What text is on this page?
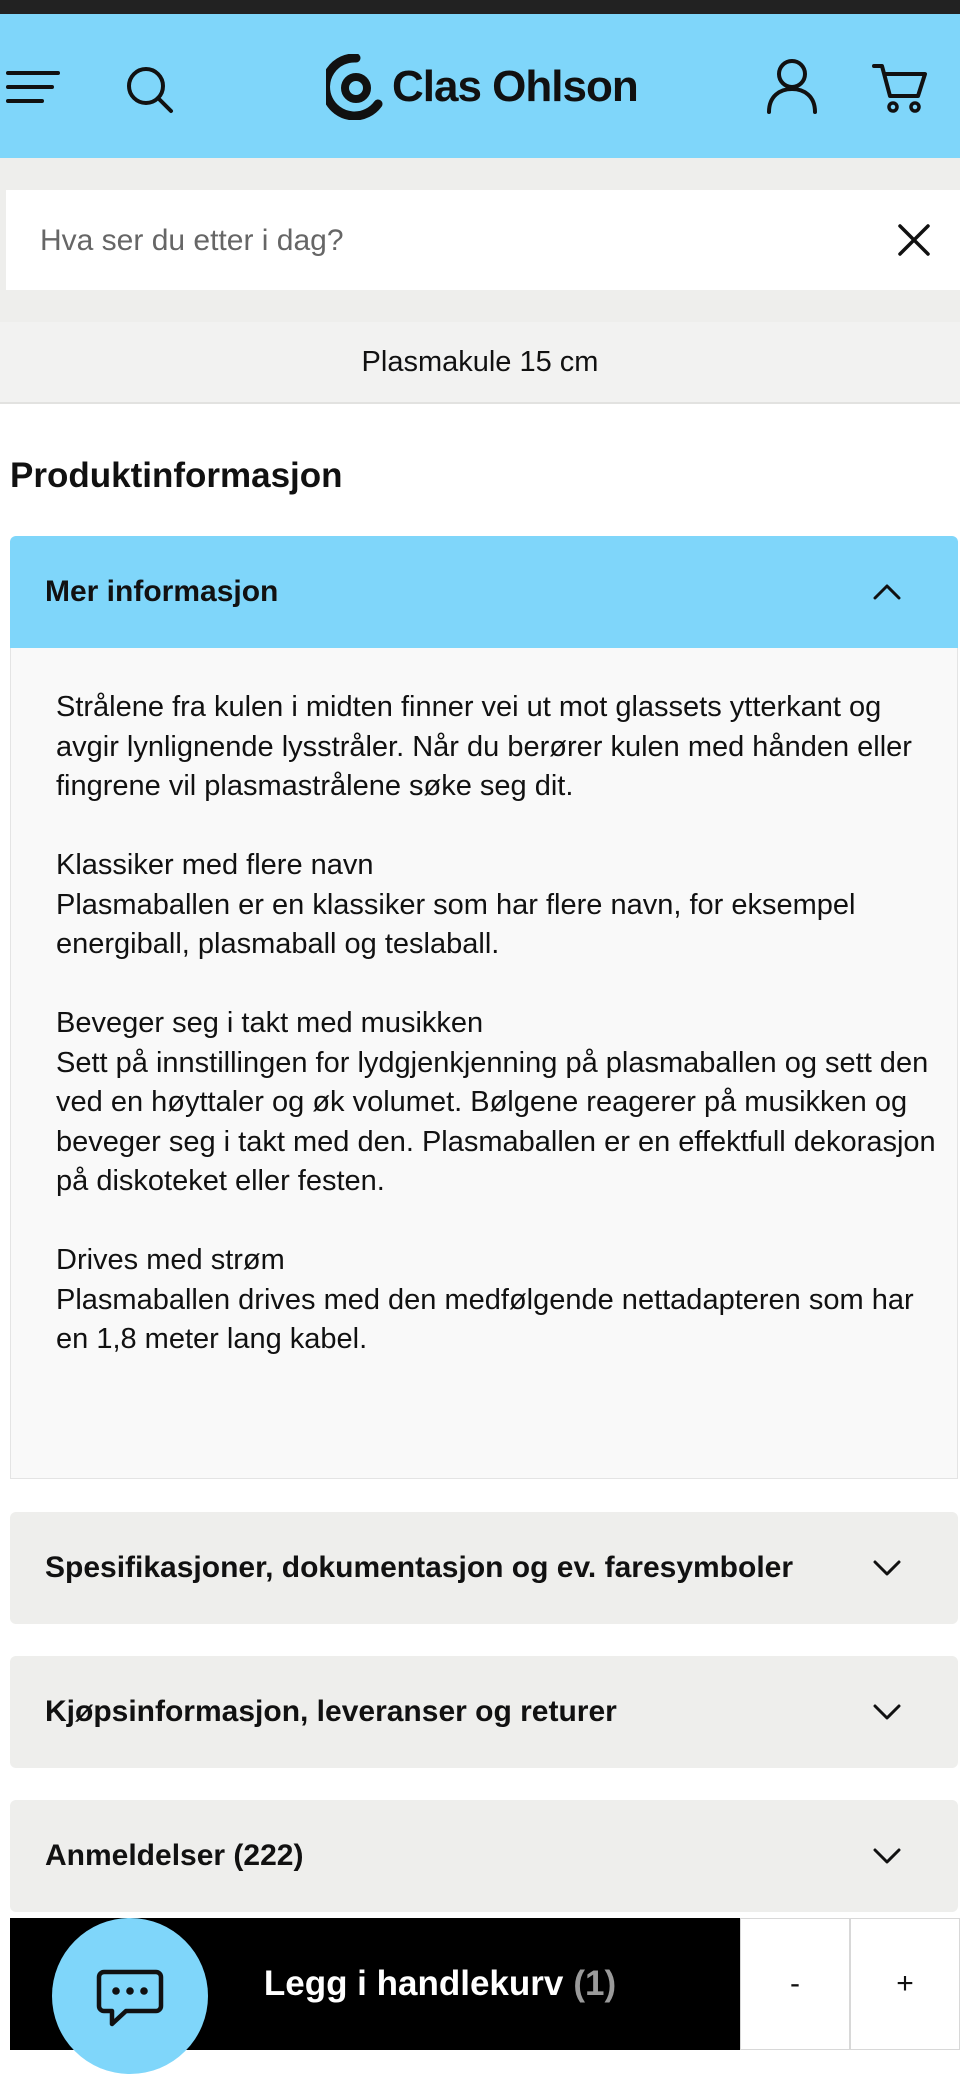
Clas Ohlson
Hva ser du etter i dag?
Plasmakule 15 cm
Produktinformasjon
Mer informasjon

Strålene fra kulen i midten finner vei ut mot glassets ytterkant og avgir lynlignende lysstråler. Når du berører kulen med hånden eller fingrene vil plasmastrålene søke seg dit.

Klassiker med flere navn
Plasmaballen er en klassiker som har flere navn, for eksempel energiball, plasmaball og teslaball.

Beveger seg i takt med musikken
Sett på innstillingen for lydgjenkjenning på plasmaballen og sett den ved en høyttaler og øk volumet. Bølgene reagerer på musikken og beveger seg i takt med den. Plasmaballen er en effektfull dekorasjon på diskoteket eller festen.

Drives med strøm
Plasmaballen drives med den medfølgende nettadapteren som har en 1,8 meter lang kabel.

Spesifikasjoner, dokumentasjon og ev. faresymboler
Kjøpsinformasjon, leveranser og returer
Anmeldelser (222)
Legg i handlekurv (1)	-	+
